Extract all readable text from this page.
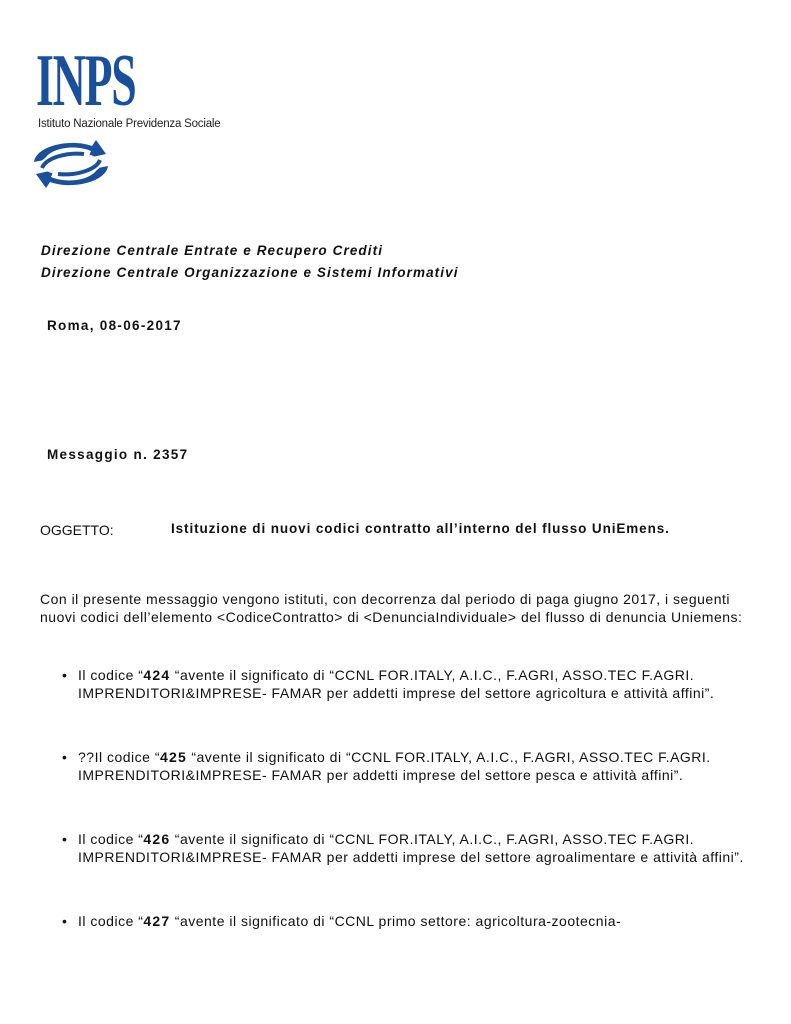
INPS
Istituto Nazionale Previdenza Sociale
Direzione Centrale Entrate e Recupero Crediti
Direzione Centrale Organizzazione e Sistemi Informativi
Roma, 08-06-2017
Messaggio n. 2357
OGGETTO:	Istituzione di nuovi codici contratto all’interno del flusso UniEmens.
Con il presente messaggio vengono istituti, con decorrenza dal periodo di paga giugno 2017, i seguenti nuovi codici dell’elemento <CodiceContratto> di <DenunciaIndividuale> del flusso di denuncia Uniemens:
• Il codice “424 “avente il significato di “CCNL FOR.ITALY, A.I.C., F.AGRI, ASSO.TEC F.AGRI. IMPRENDITORI&IMPRESE- FAMAR per addetti imprese del settore agricoltura e attività affini”.
• ??Il codice “425 “avente il significato di “CCNL FOR.ITALY, A.I.C., F.AGRI, ASSO.TEC F.AGRI. IMPRENDITORI&IMPRESE- FAMAR per addetti imprese del settore pesca e attività affini”.
• Il codice “426 “avente il significato di “CCNL FOR.ITALY, A.I.C., F.AGRI, ASSO.TEC F.AGRI. IMPRENDITORI&IMPRESE- FAMAR per addetti imprese del settore agroalimentare e attività affini”.
• Il codice “427 “avente il significato di “CCNL primo settore: agricoltura-zootecnia-
